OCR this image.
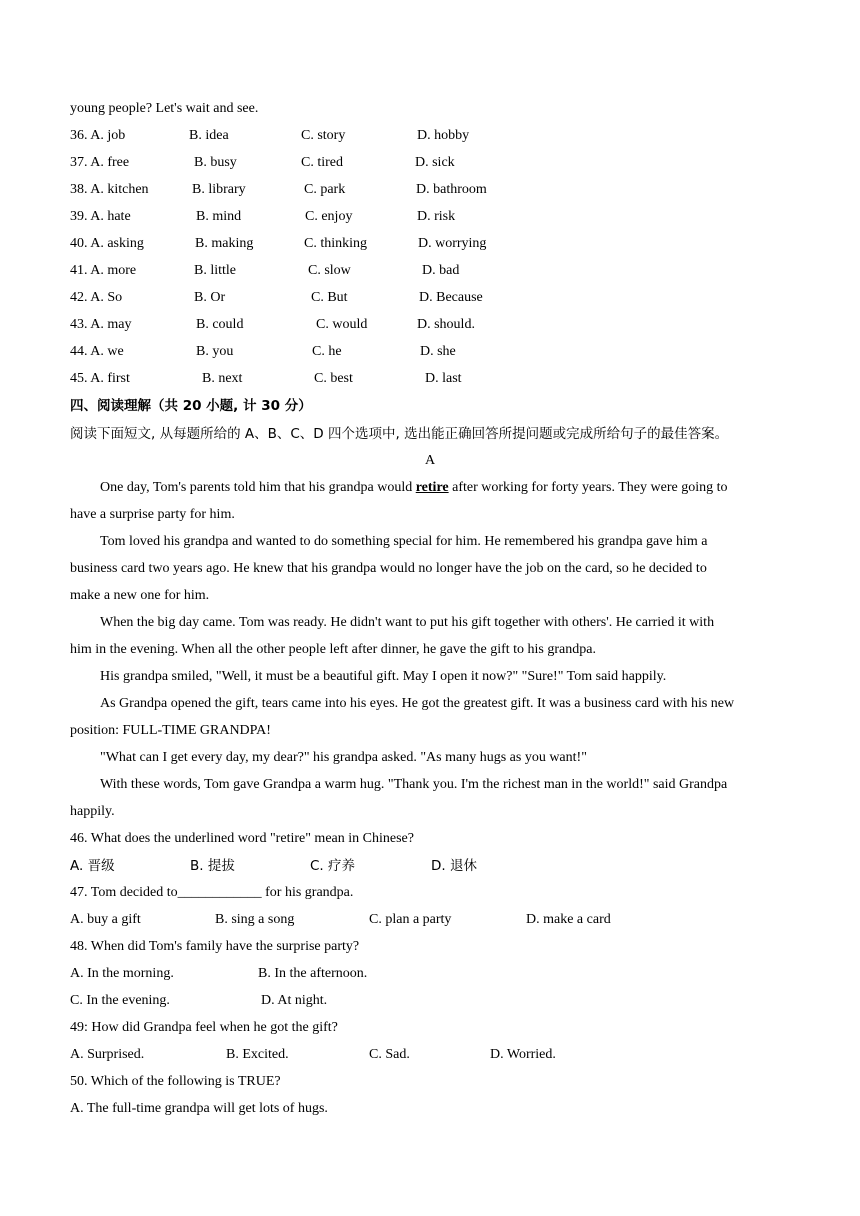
young people? Let's wait and see.
36. A. job	B. idea	C. story	D. hobby
37. A. free	B. busy	C. tired	D. sick
38. A. kitchen	B. library	C. park	D. bathroom
39. A. hate	B. mind	C. enjoy	D. risk
40. A. asking	B. making	C. thinking	D. worrying
41. A. more	B. little	C. slow	D. bad
42. A. So	B. Or	C. But	D. Because
43. A. may	B. could	C. would	D. should.
44. A. we	B. you	C. he	D. she
45. A. first	B. next	C. best	D. last
四、阅读理解（共 20 小题, 计 30 分）
阅读下面短文, 从每题所给的 A、B、C、D 四个选项中, 选出能正确回答所提问题或完成所给句子的最佳答案。
A
One day, Tom's parents told him that his grandpa would retire after working for forty years. They were going to
have a surprise party for him.
Tom loved his grandpa and wanted to do something special for him. He remembered his grandpa gave him a
business card two years ago. He knew that his grandpa would no longer have the job on the card, so he decided to
make a new one for him.
When the big day came. Tom was ready. He didn't want to put his gift together with others'. He carried it with
him in the evening. When all the other people left after dinner, he gave the gift to his grandpa.
His grandpa smiled, "Well, it must be a beautiful gift. May I open it now?" "Sure!" Tom said happily.
As Grandpa opened the gift, tears came into his eyes. He got the greatest gift. It was a business card with his new
position: FULL-TIME GRANDPA!
"What can I get every day, my dear?" his grandpa asked. "As many hugs as you want!"
With these words, Tom gave Grandpa a warm hug. "Thank you. I'm the richest man in the world!" said Grandpa
happily.
46. What does the underlined word "retire" mean in Chinese?
A. 晋级	B. 提拔	C. 疗养	D. 退休
47. Tom decided to____________ for his grandpa.
A. buy a gift	B. sing a song	C. plan a party	D. make a card
48. When did Tom's family have the surprise party?
A. In the morning.	B. In the afternoon.
C. In the evening.	D. At night.
49: How did Grandpa feel when he got the gift?
A. Surprised.	B. Excited.	C. Sad.	D. Worried.
50. Which of the following is TRUE?
A. The full-time grandpa will get lots of hugs.
